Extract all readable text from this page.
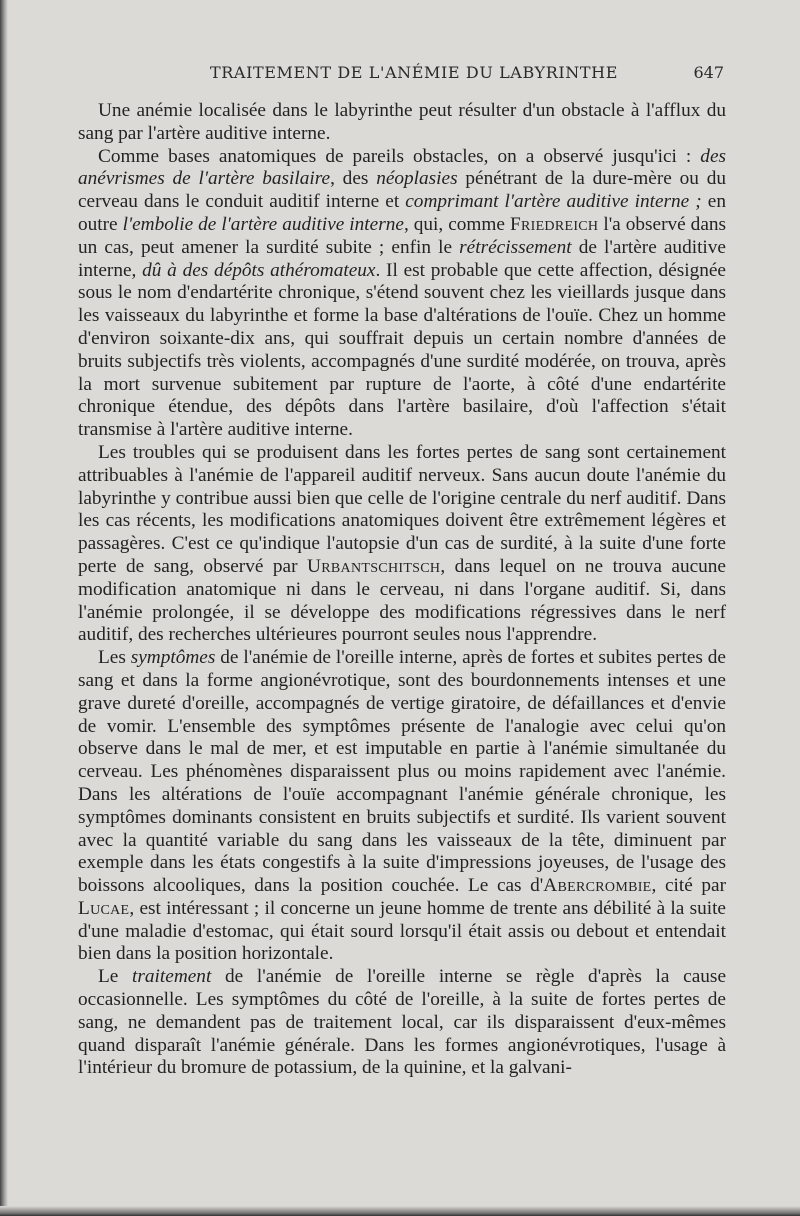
TRAITEMENT DE L'ANÉMIE DU LABYRINTHE	647

Une anémie localisée dans le labyrinthe peut résulter d'un obstacle à l'afflux du sang par l'artère auditive interne.

Comme bases anatomiques de pareils obstacles, on a observé jusqu'ici : des anévrismes de l'artère basilaire, des néoplasies pénétrant de la dure-mère ou du cerveau dans le conduit auditif interne et comprimant l'artère auditive interne ; en outre l'embolie de l'artère auditive interne, qui, comme Friedreich l'a observé dans un cas, peut amener la surdité subite ; enfin le rétrécissement de l'artère auditive interne, dû à des dépôts athéromateux. Il est probable que cette affection, désignée sous le nom d'endartérite chronique, s'étend souvent chez les vieillards jusque dans les vaisseaux du labyrinthe et forme la base d'altérations de l'ouïe. Chez un homme d'environ soixante-dix ans, qui souffrait depuis un certain nombre d'années de bruits subjectifs très violents, accompagnés d'une surdité modérée, on trouva, après la mort survenue subitement par rupture de l'aorte, à côté d'une endartérite chronique étendue, des dépôts dans l'artère basilaire, d'où l'affection s'était transmise à l'artère auditive interne.

Les troubles qui se produisent dans les fortes pertes de sang sont certainement attribuables à l'anémie de l'appareil auditif nerveux. Sans aucun doute l'anémie du labyrinthe y contribue aussi bien que celle de l'origine centrale du nerf auditif. Dans les cas récents, les modifications anatomiques doivent être extrêmement légères et passagères. C'est ce qu'indique l'autopsie d'un cas de surdité, à la suite d'une forte perte de sang, observé par Urbantschitsch, dans lequel on ne trouva aucune modification anatomique ni dans le cerveau, ni dans l'organe auditif. Si, dans l'anémie prolongée, il se développe des modifications régressives dans le nerf auditif, des recherches ultérieures pourront seules nous l'apprendre.

Les symptômes de l'anémie de l'oreille interne, après de fortes et subites pertes de sang et dans la forme angionévrotique, sont des bourdonnements intenses et une grave dureté d'oreille, accompagnés de vertige giratoire, de défaillances et d'envie de vomir. L'ensemble des symptômes présente de l'analogie avec celui qu'on observe dans le mal de mer, et est imputable en partie à l'anémie simultanée du cerveau. Les phénomènes disparaissent plus ou moins rapidement avec l'anémie. Dans les altérations de l'ouïe accompagnant l'anémie générale chronique, les symptômes dominants consistent en bruits subjectifs et surdité. Ils varient souvent avec la quantité variable du sang dans les vaisseaux de la tête, diminuent par exemple dans les états congestifs à la suite d'impressions joyeuses, de l'usage des boissons alcooliques, dans la position couchée. Le cas d'Abercrombie, cité par Lucae, est intéressant ; il concerne un jeune homme de trente ans débilité à la suite d'une maladie d'estomac, qui était sourd lorsqu'il était assis ou debout et entendait bien dans la position horizontale.

Le traitement de l'anémie de l'oreille interne se règle d'après la cause occasionnelle. Les symptômes du côté de l'oreille, à la suite de fortes pertes de sang, ne demandent pas de traitement local, car ils disparaissent d'eux-mêmes quand disparaît l'anémie générale. Dans les formes angionévrotiques, l'usage à l'intérieur du bromure de potassium, de la quinine, et la galvani-
